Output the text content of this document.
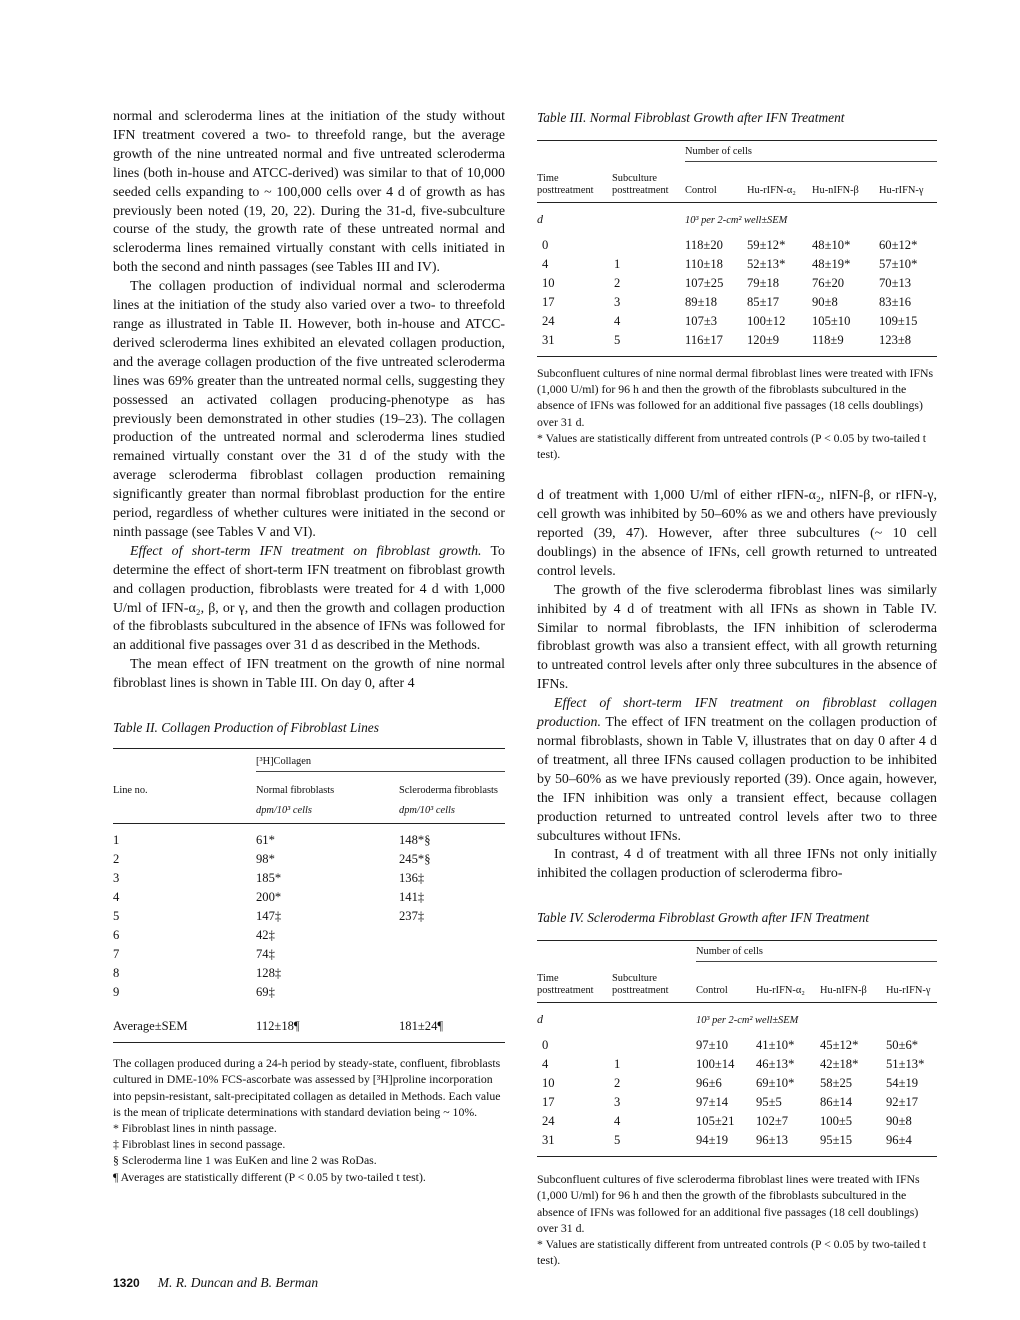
normal and scleroderma lines at the initiation of the study without IFN treatment covered a two- to threefold range, but the average growth of the nine untreated normal and five untreated scleroderma lines (both in-house and ATCC-derived) was similar to that of 10,000 seeded cells expanding to ~ 100,000 cells over 4 d of growth as has previously been noted (19, 20, 22). During the 31-d, five-subculture course of the study, the growth rate of these untreated normal and scleroderma lines remained virtually constant with cells initiated in both the second and ninth passages (see Tables III and IV).

The collagen production of individual normal and scleroderma lines at the initiation of the study also varied over a two- to threefold range as illustrated in Table II. However, both in-house and ATCC-derived scleroderma lines exhibited an elevated collagen production, and the average collagen production of the five untreated scleroderma lines was 69% greater than the untreated normal cells, suggesting they possessed an activated collagen producing-phenotype as has previously been demonstrated in other studies (19–23). The collagen production of the untreated normal and scleroderma lines studied remained virtually constant over the 31 d of the study with the average scleroderma fibroblast collagen production remaining significantly greater than normal fibroblast production for the entire period, regardless of whether cultures were initiated in the second or ninth passage (see Tables V and VI).

Effect of short-term IFN treatment on fibroblast growth. To determine the effect of short-term IFN treatment on fibroblast growth and collagen production, fibroblasts were treated for 4 d with 1,000 U/ml of IFN-α₂, β, or γ, and then the growth and collagen production of the fibroblasts subcultured in the absence of IFNs was followed for an additional five passages over 31 d as described in the Methods.

The mean effect of IFN treatment on the growth of nine normal fibroblast lines is shown in Table III. On day 0, after 4

Table II. Collagen Production of Fibroblast Lines

	[³H]Collagen	
Line no.	Normal fibroblasts	Scleroderma fibroblasts
	dpm/10³ cells	dpm/10³ cells
1	61*	148*§
2	98*	245*§
3	185*	136‡
4	200*	141‡
5	147‡	237‡
6	42‡	
7	74‡	
8	128‡	
9	69‡	
Average±SEM	112±18¶	181±24¶

The collagen produced during a 24-h period by steady-state, confluent, fibroblasts cultured in DME-10% FCS-ascorbate was assessed by [³H]proline incorporation into pepsin-resistant, salt-precipitated collagen as detailed in Methods. Each value is the mean of triplicate determinations with standard deviation being ~ 10%.

* Fibroblast lines in ninth passage.

‡ Fibroblast lines in second passage.

§ Scleroderma line 1 was EuKen and line 2 was RoDas.

¶ Averages are statistically different (P < 0.05 by two-tailed t test).

Table III. Normal Fibroblast Growth after IFN Treatment

		Number of cells			
Time
posttreatment	Subculture
posttreatment	Control	Hu-rIFN-α₂	Hu-nIFN-β	Hu-rIFN-γ
d		10³ per 2-cm² well±SEM			
0		118±20	59±12*	48±10*	60±12*
4	1	110±18	52±13*	48±19*	57±10*
10	2	107±25	79±18	76±20	70±13
17	3	89±18	85±17	90±8	83±16
24	4	107±3	100±12	105±10	109±15
31	5	116±17	120±9	118±9	123±8

Subconfluent cultures of nine normal dermal fibroblast lines were treated with IFNs (1,000 U/ml) for 96 h and then the growth of the fibroblasts subcultured in the absence of IFNs was followed for an additional five passages (18 cells doublings) over 31 d.

* Values are statistically different from untreated controls (P < 0.05 by two-tailed t test).

d of treatment with 1,000 U/ml of either rIFN-α₂, nIFN-β, or rIFN-γ, cell growth was inhibited by 50–60% as we and others have previously reported (39, 47). However, after three subcultures (~ 10 cell doublings) in the absence of IFNs, cell growth returned to untreated control levels.

The growth of the five scleroderma fibroblast lines was similarly inhibited by 4 d of treatment with all IFNs as shown in Table IV. Similar to normal fibroblasts, the IFN inhibition of scleroderma fibroblast growth was also a transient effect, with all growth returning to untreated control levels after only three subcultures in the absence of IFNs.

Effect of short-term IFN treatment on fibroblast collagen production. The effect of IFN treatment on the collagen production of normal fibroblasts, shown in Table V, illustrates that on day 0 after 4 d of treatment, all three IFNs caused collagen production to be inhibited by 50–60% as we have previously reported (39). Once again, however, the IFN inhibition was only a transient effect, because collagen production returned to untreated control levels after two to three subcultures without IFNs.

In contrast, 4 d of treatment with all three IFNs not only initially inhibited the collagen production of scleroderma fibro-

Table IV. Scleroderma Fibroblast Growth after IFN Treatment

		Number of cells			
Time
posttreatment	Subculture
posttreatment	Control	Hu-rIFN-α₂	Hu-nIFN-β	Hu-rIFN-γ
d		10³ per 2-cm² well±SEM			
0		97±10	41±10*	45±12*	50±6*
4	1	100±14	46±13*	42±18*	51±13*
10	2	96±6	69±10*	58±25	54±19
17	3	97±14	95±5	86±14	92±17
24	4	105±21	102±7	100±5	90±8
31	5	94±19	96±13	95±15	96±4

Subconfluent cultures of five scleroderma fibroblast lines were treated with IFNs (1,000 U/ml) for 96 h and then the growth of the fibroblasts subcultured in the absence of IFNs was followed for an additional five passages (18 cell doublings) over 31 d.

* Values are statistically different from untreated controls (P < 0.05 by two-tailed t test).

1320 M. R. Duncan and B. Berman
